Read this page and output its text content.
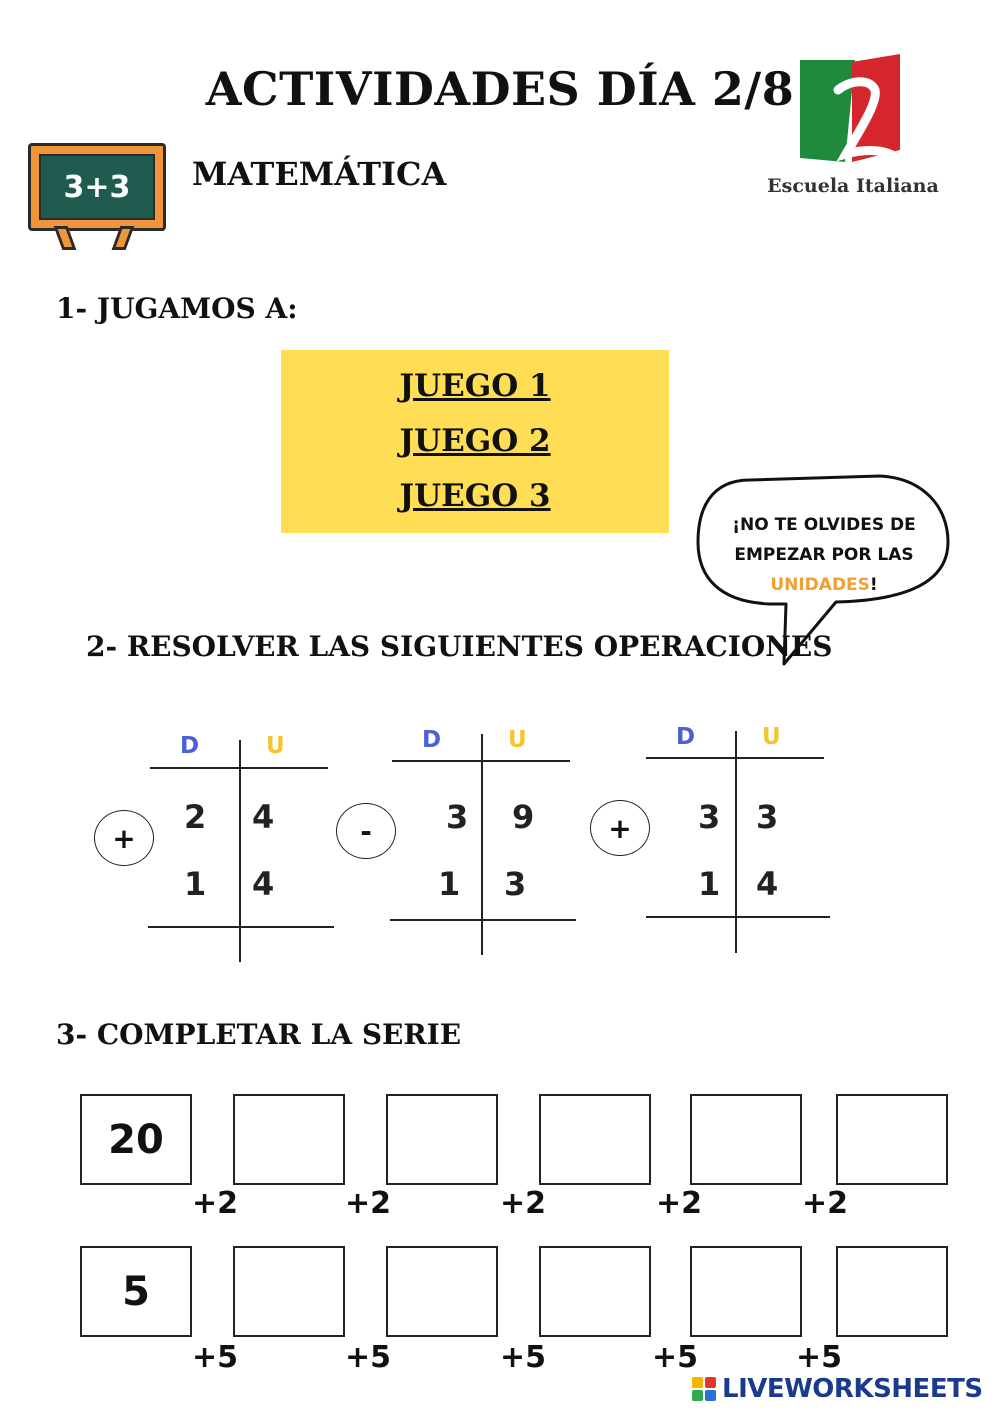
ACTIVIDADES DÍA 2/8
3+3 MATEMÁTICA	Escuela Italiana
1- JUGAMOS A:
JUEGO 1
JUEGO 2
JUEGO 3
¡NO TE OLVIDES DE
EMPEZAR POR LAS
UNIDADES!
2- RESOLVER LAS SIGUIENTES OPERACIONES
+
D	U
2 4
1 4
-
D	U
3 9
1 3
+
D	U
3 3
1 4
3- COMPLETAR LA SERIE
20
+2	+2	+2	+2	+2
5
+5	+5	+5	+5	+5
LIVEWORKSHEETS
